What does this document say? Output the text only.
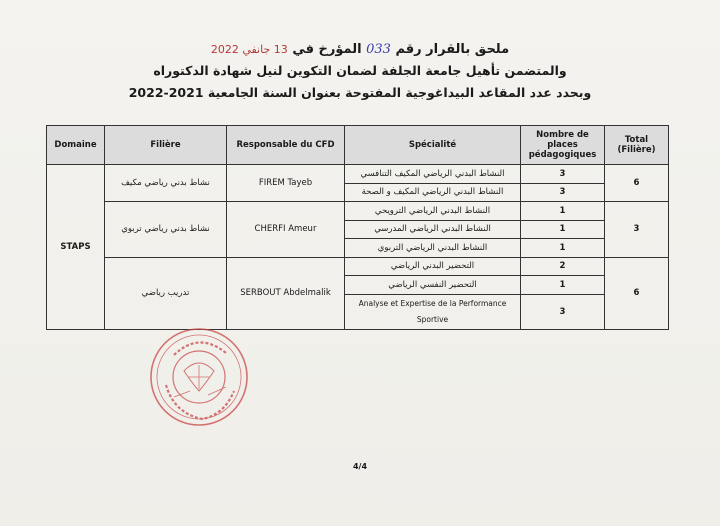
ملحق بالقرار رقم 033 المؤرخ في 13 جانفي 2022
والمتضمن تأهيل جامعة الجلفة لضمان التكوين لنيل شهادة الدكتوراه
وبحدد عدد المقاعد البيداغوجية المفتوحة بعنوان السنة الجامعية 2021-2022
Domaine	Filière	Responsable du CFD	Spécialité	Nombre de places pédagogiques	Total (Filière)
STAPS	نشاط بدني رياضي مكيف	FIREM Tayeb	النشاط البدني الرياضي المكيف التنافسي	3	6
			النشاط البدني الرياضي المكيف و الصحة	3	
	نشاط بدني رياضي تربوي	CHERFI Ameur	النشاط البدني الرياضي الترويحي	1	3
			النشاط البدني الرياضي المدرسي	1	
			النشاط البدني الرياضي التربوي	1	
	تدريب رياضي	SERBOUT Abdelmalik	التحضير البدني الرياضي	2	6
			التحضير النفسي الرياضي	1	
			Analyse et Expertise de la Performance Sportive	3	
4/4
